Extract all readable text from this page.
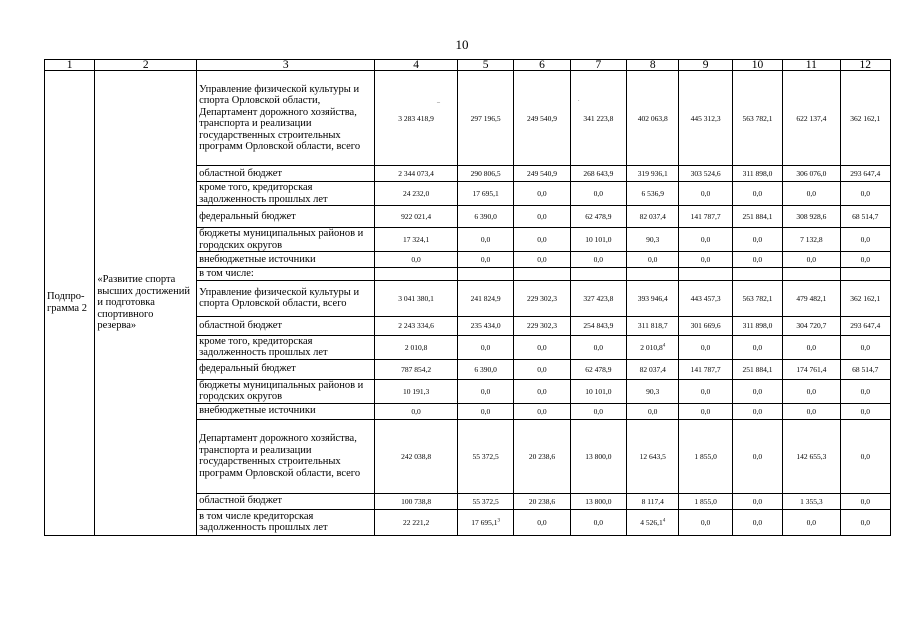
10
1	2	3	4	5	6	7	8	9	10	11	12
Подпро-грамма 2	«Развитие спорта высших достижений и подготовка спортивного резерва»	Управление физической культуры и спорта Орловской области, Департамент дорожного хозяйства, транспорта и реализации государственных строительных программ Орловской области, всего	3 283 418,9	297 196,5	249 540,9	341 223,8	402 063,8	445 312,3	563 782,1	622 137,4	362 162,1
		областной бюджет	2 344 073,4	290 806,5	249 540,9	268 643,9	319 936,1	303 524,6	311 898,0	306 076,0	293 647,4
		кроме того, кредиторская задолженность прошлых лет	24 232,0	17 695,1	0,0	0,0	6 536,9	0,0	0,0	0,0	0,0
		федеральный бюджет	922 021,4	6 390,0	0,0	62 478,9	82 037,4	141 787,7	251 884,1	308 928,6	68 514,7
		бюджеты муниципальных районов и городских округов	17 324,1	0,0	0,0	10 101,0	90,3	0,0	0,0	7 132,8	0,0
		внебюджетные источники	0,0	0,0	0,0	0,0	0,0	0,0	0,0	0,0	0,0
		в том числе:									
		Управление физической культуры и спорта Орловской области, всего	3 041 380,1	241 824,9	229 302,3	327 423,8	393 946,4	443 457,3	563 782,1	479 482,1	362 162,1
		областной бюджет	2 243 334,6	235 434,0	229 302,3	254 843,9	311 818,7	301 669,6	311 898,0	304 720,7	293 647,4
		кроме того, кредиторская задолженность прошлых лет	2 010,8	0,0	0,0	0,0	2 010,8$^4$	0,0	0,0	0,0	0,0
		федеральный бюджет	787 854,2	6 390,0	0,0	62 478,9	82 037,4	141 787,7	251 884,1	174 761,4	68 514,7
		бюджеты муниципальных районов и городских округов	10 191,3	0,0	0,0	10 101,0	90,3	0,0	0,0	0,0	0,0
		внебюджетные источники	0,0	0,0	0,0	0,0	0,0	0,0	0,0	0,0	0,0
		Департамент дорожного хозяйства, транспорта и реализации государственных строительных программ Орловской области, всего	242 038,8	55 372,5	20 238,6	13 800,0	12 643,5	1 855,0	0,0	142 655,3	0,0
		областной бюджет	100 738,8	55 372,5	20 238,6	13 800,0	8 117,4	1 855,0	0,0	1 355,3	0,0
		в том числе кредиторская задолженность прошлых лет	22 221,2	17 695,1$^3$	0,0	0,0	4 526,1$^4$	0,0	0,0	0,0	0,0
–	.
